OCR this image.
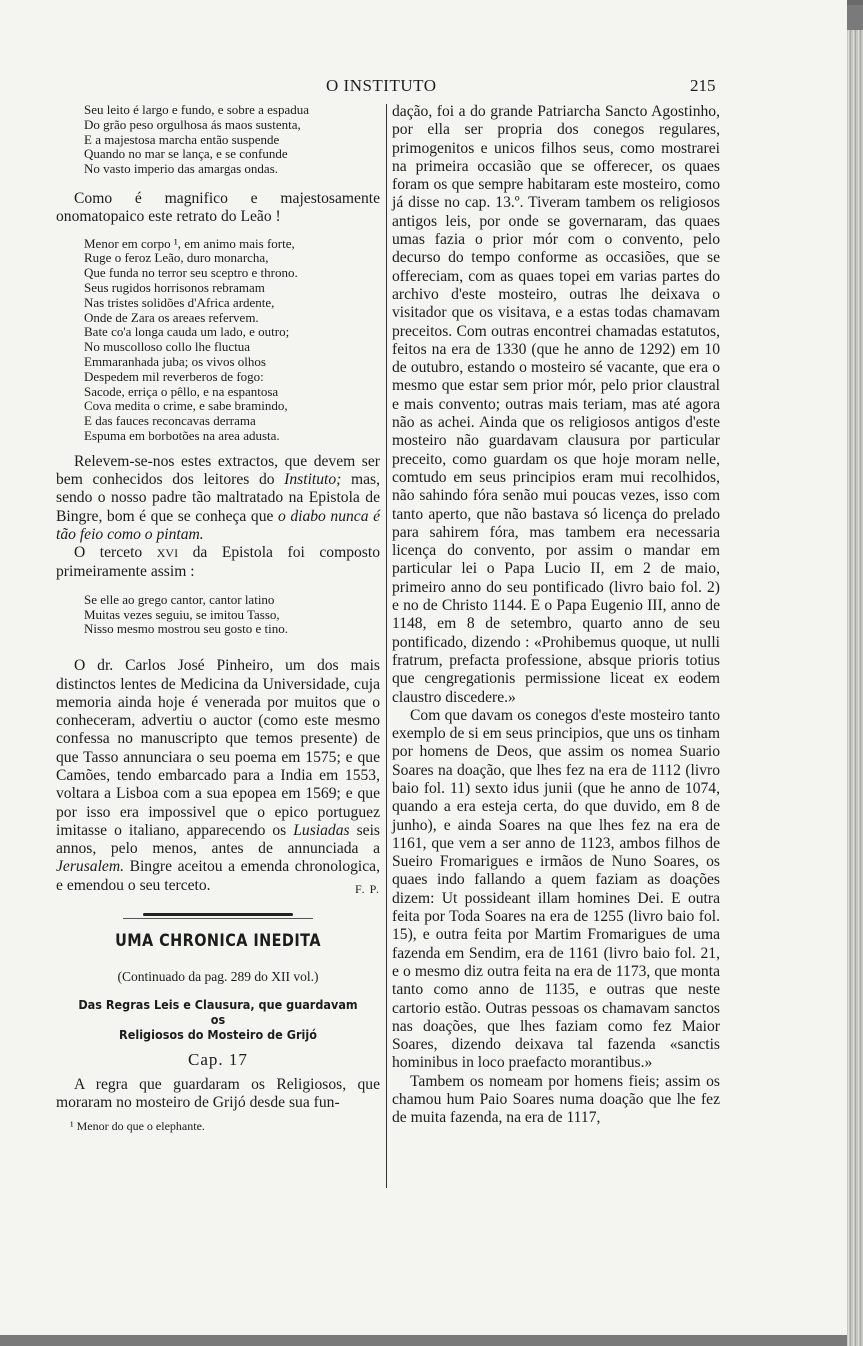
O INSTITUTO	215
Seu leito é largo e fundo, e sobre a espadua
Do grão peso orgulhosa ás maos sustenta,
E a majestosa marcha então suspende
Quando no mar se lança, e se confunde
No vasto imperio das amargas ondas.

Como é magnifico e majestosamente onomatopaico este retrato do Leão !

Menor em corpo ¹, em animo mais forte,
Ruge o feroz Leão, duro monarcha,
Que funda no terror seu sceptro e throno.
Seus rugidos horrisonos rebramam
Nas tristes solidões d'Africa ardente,
Onde de Zara os areaes refervem.
Bate co'a longa cauda um lado, e outro;
No muscolloso collo lhe fluctua
Emmaranhada juba; os vivos olhos
Despedem mil reverberos de fogo:
Sacode, erriça o pêllo, e na espantosa
Cova medita o crime, e sabe bramindo,
E das fauces reconcavas derrama
Espuma em borbotões na area adusta.

Relevem-se-nos estes extractos, que devem ser bem conhecidos dos leitores do Instituto; mas, sendo o nosso padre tão maltratado na Epistola de Bingre, bom é que se conheça que o diabo nunca é tão feio como o pintam.

O terceto XVI da Epistola foi composto primeiramente assim :

Se elle ao grego cantor, cantor latino
Muitas vezes seguiu, se imitou Tasso,
Nisso mesmo mostrou seu gosto e tino.

O dr. Carlos José Pinheiro, um dos mais distinctos lentes de Medicina da Universidade, cuja memoria ainda hoje é venerada por muitos que o conheceram, advertiu o auctor (como este mesmo confessa no manuscripto que temos presente) de que Tasso annunciara o seu poema em 1575; e que Camões, tendo embarcado para a India em 1553, voltara a Lisboa com a sua epopea em 1569; e que por isso era impossivel que o epico portuguez imitasse o italiano, apparecendo os Lusiadas seis annos, pelo menos, antes de annunciada a Jerusalem. Bingre aceitou a emenda chronologica, e emendou o seu terceto.	F. P.

UMA CHRONICA INEDITA
(Continuado da pag. 289 do XII vol.)
Das Regras Leis e Clausura, que guardavam os
Religiosos do Mosteiro de Grijó
Cap. 17

A regra que guardaram os Religiosos, que moraram no mosteiro de Grijó desde sua fun-

¹ Menor do que o elephante.

dação, foi a do grande Patriarcha Sancto Agostinho, por ella ser propria dos conegos regulares, primogenitos e unicos filhos seus, como mostrarei na primeira occasião que se offerecer, os quaes foram os que sempre habitaram este mosteiro, como já disse no cap. 13.º. Tiveram tambem os religiosos antigos leis, por onde se governaram, das quaes umas fazia o prior mór com o convento, pelo decurso do tempo conforme as occasiões, que se offereciam, com as quaes topei em varias partes do archivo d'este mosteiro, outras lhe deixava o visitador que os visitava, e a estas todas chamavam preceitos. Com outras encontrei chamadas estatutos, feitos na era de 1330 (que he anno de 1292) em 10 de outubro, estando o mosteiro sé vacante, que era o mesmo que estar sem prior mór, pelo prior claustral e mais convento; outras mais teriam, mas até agora não as achei. Ainda que os religiosos antigos d'este mosteiro não guardavam clausura por particular preceito, como guardam os que hoje moram nelle, comtudo em seus principios eram mui recolhidos, não sahindo fóra senão mui poucas vezes, isso com tanto aperto, que não bastava só licença do prelado para sahirem fóra, mas tambem era necessaria licença do convento, por assim o mandar em particular lei o Papa Lucio II, em 2 de maio, primeiro anno do seu pontificado (livro baio fol. 2) e no de Christo 1144. E o Papa Eugenio III, anno de 1148, em 8 de setembro, quarto anno de seu pontificado, dizendo : «Prohibemus quoque, ut nulli fratrum, prefacta professione, absque prioris totius que cengregationis permissione liceat ex eodem claustro discedere.»

Com que davam os conegos d'este mosteiro tanto exemplo de si em seus principios, que uns os tinham por homens de Deos, que assim os nomea Suario Soares na doação, que lhes fez na era de 1112 (livro baio fol. 11) sexto idus junii (que he anno de 1074, quando a era esteja certa, do que duvido, em 8 de junho), e ainda Soares na que lhes fez na era de 1161, que vem a ser anno de 1123, ambos filhos de Sueiro Fromarigues e irmãos de Nuno Soares, os quaes indo fallando a quem faziam as doações dizem: Ut possideant illam homines Dei. E outra feita por Toda Soares na era de 1255 (livro baio fol. 15), e outra feita por Martim Fromarigues de uma fazenda em Sendim, era de 1161 (livro baio fol. 21, e o mesmo diz outra feita na era de 1173, que monta tanto como anno de 1135, e outras que neste cartorio estão. Outras pessoas os chamavam sanctos nas doações, que lhes faziam como fez Maior Soares, dizendo deixava tal fazenda «sanctis hominibus in loco praefacto morantibus.»

Tambem os nomeam por homens fieis; assim os chamou hum Paio Soares numa doação que lhe fez de muita fazenda, na era de 1117,
